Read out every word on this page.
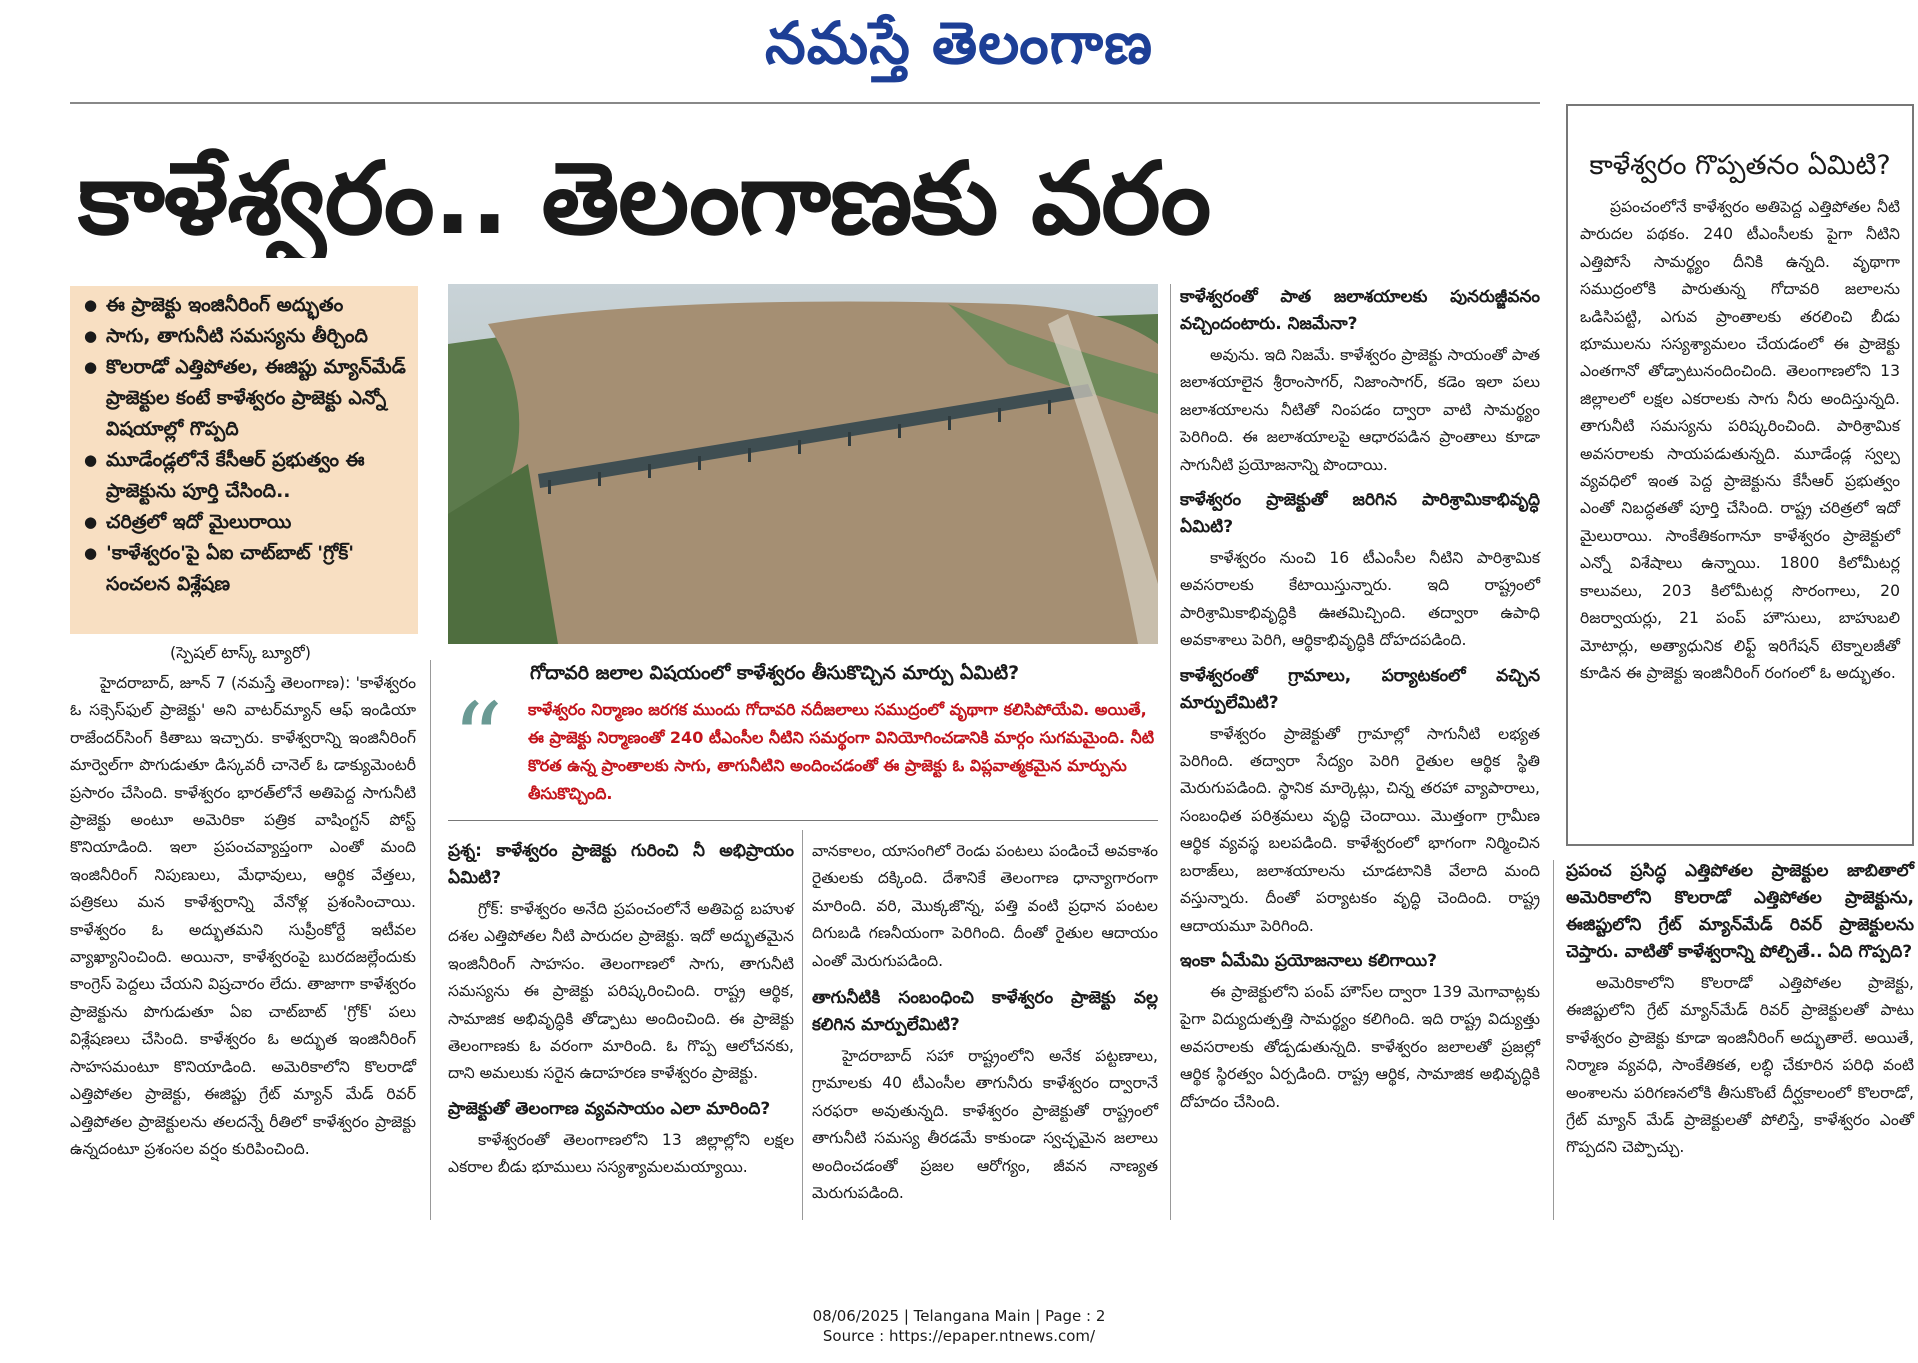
నమస్తే తెలంగాణ
కాళేశ్వరం.. తెలంగాణకు వరం
● ఈ ప్రాజెక్టు ఇంజినీరింగ్ అద్భుతం
● సాగు, తాగునీటి సమస్యను తీర్చింది
● కొలరాడో ఎత్తిపోతల, ఈజిప్టు మ్యాన్‌మేడ్ ప్రాజెక్టుల కంటే కాళేశ్వరం ప్రాజెక్టు ఎన్నో విషయాల్లో గొప్పది
● మూడేండ్లలోనే కేసీఆర్ ప్రభుత్వం ఈ ప్రాజెక్టును పూర్తి చేసింది..
● చరిత్రలో ఇదో మైలురాయి
● 'కాళేశ్వరం'పై ఏఐ చాట్‌బాట్ 'గ్రోక్' సంచలన విశ్లేషణ
(స్పెషల్ టాస్క్ బ్యూరో)

హైదరాబాద్, జూన్ 7 (నమస్తే తెలంగాణ): 'కాళేశ్వరం ఓ సక్సెస్‌ఫుల్ ప్రాజెక్టు' అని వాటర్‌మ్యాన్ ఆఫ్ ఇండియా రాజేందర్‌సింగ్ కితాబు ఇచ్చారు. కాళేశ్వరాన్ని ఇంజినీరింగ్ మార్వెల్‌గా పొగుడుతూ డిస్కవరీ చానెల్ ఓ డాక్యుమెంటరీ ప్రసారం చేసింది. కాళేశ్వరం భారత్‌లోనే అతిపెద్ద సాగునీటి ప్రాజెక్టు అంటూ అమెరికా పత్రిక వాషింగ్టన్ పోస్ట్ కొనియాడింది. ఇలా ప్రపంచవ్యాప్తంగా ఎంతో మంది ఇంజినీరింగ్ నిపుణులు, మేధావులు, ఆర్థిక వేత్తలు, పత్రికలు మన కాళేశ్వరాన్ని వేనోళ్ల ప్రశంసించాయి. కాళేశ్వరం ఓ అద్భుతమని సుప్రీంకోర్టే ఇటీవల వ్యాఖ్యానించింది. అయినా, కాళేశ్వరంపై బురదజల్లేందుకు కాంగ్రెస్ పెద్దలు చేయని విష్రచారం లేదు. తాజాగా కాళేశ్వరం ప్రాజెక్టును పొగుడుతూ ఏఐ చాట్‌బాట్ 'గ్రోక్' పలు విశ్లేషణలు చేసింది. కాళేశ్వరం ఓ అద్భుత ఇంజినీరింగ్ సాహసమంటూ కొనియాడింది. అమెరికాలోని కొలరాడో ఎత్తిపోతల ప్రాజెక్టు, ఈజిప్టు గ్రేట్ మ్యాన్ మేడ్ రివర్ ఎత్తిపోతల ప్రాజెక్టులను తలదన్నే రీతిలో కాళేశ్వరం ప్రాజెక్టు ఉన్నదంటూ ప్రశంసల వర్షం కురిపించింది.

“
గోదావరి జలాల విషయంలో కాళేశ్వరం తీసుకొచ్చిన మార్పు ఏమిటి?
కాళేశ్వరం నిర్మాణం జరగక ముందు గోదావరి నదీజలాలు సముద్రంలో వృథాగా కలిసిపోయేవి. అయితే, ఈ ప్రాజెక్టు నిర్మాణంతో 240 టీఎంసీల నీటిని సమర్థంగా వినియోగించడానికి మార్గం సుగమమైంది. నీటి కొరత ఉన్న ప్రాంతాలకు సాగు, తాగునీటిని అందించడంతో ఈ ప్రాజెక్టు ఓ విప్లవాత్మకమైన మార్పును తీసుకొచ్చింది.
ప్రశ్న: కాళేశ్వరం ప్రాజెక్టు గురించి నీ అభిప్రాయం ఏమిటి?

గ్రోక్: కాళేశ్వరం అనేది ప్రపంచంలోనే అతిపెద్ద బహుళ దశల ఎత్తిపోతల నీటి పారుదల ప్రాజెక్టు. ఇదో అద్భుతమైన ఇంజినీరింగ్ సాహసం. తెలంగాణలో సాగు, తాగునీటి సమస్యను ఈ ప్రాజెక్టు పరిష్కరించింది. రాష్ట్ర ఆర్థిక, సామాజిక అభివృద్ధికి తోడ్పాటు అందించింది. ఈ ప్రాజెక్టు తెలంగాణకు ఓ వరంగా మారింది. ఓ గొప్ప ఆలోచనకు, దాని అమలుకు సరైన ఉదాహరణ కాళేశ్వరం ప్రాజెక్టు.

ప్రాజెక్టుతో తెలంగాణ వ్యవసాయం ఎలా మారింది?

కాళేశ్వరంతో తెలంగాణలోని 13 జిల్లాల్లోని లక్షల ఎకరాల బీడు భూములు సస్యశ్యామలమయ్యాయి.

వానకాలం, యాసంగిలో రెండు పంటలు పండించే అవకాశం రైతులకు దక్కింది. దేశానికే తెలంగాణ ధాన్యాగారంగా మారింది. వరి, మొక్కజొన్న, పత్తి వంటి ప్రధాన పంటల దిగుబడి గణనీయంగా పెరిగింది. దీంతో రైతుల ఆదాయం ఎంతో మెరుగుపడింది.

తాగునీటికి సంబంధించి కాళేశ్వరం ప్రాజెక్టు వల్ల కలిగిన మార్పులేమిటి?

హైదరాబాద్ సహా రాష్ట్రంలోని అనేక పట్టణాలు, గ్రామాలకు 40 టీఎంసీల తాగునీరు కాళేశ్వరం ద్వారానే సరఫరా అవుతున్నది. కాళేశ్వరం ప్రాజెక్టుతో రాష్ట్రంలో తాగునీటి సమస్య తీరడమే కాకుండా స్వచ్ఛమైన జలాలు అందించడంతో ప్రజల ఆరోగ్యం, జీవన నాణ్యత మెరుగుపడింది.

కాళేశ్వరంతో పాత జలాశయాలకు పునరుజ్జీవనం వచ్చిందంటారు. నిజమేనా?

అవును. ఇది నిజమే. కాళేశ్వరం ప్రాజెక్టు సాయంతో పాత జలాశయాలైన శ్రీరాంసాగర్, నిజాంసాగర్, కడెం ఇలా పలు జలాశయాలను నీటితో నింపడం ద్వారా వాటి సామర్థ్యం పెరిగింది. ఈ జలాశయాలపై ఆధారపడిన ప్రాంతాలు కూడా సాగునీటి ప్రయోజనాన్ని పొందాయి.

కాళేశ్వరం ప్రాజెక్టుతో జరిగిన పారిశ్రామికాభివృద్ధి ఏమిటి?

కాళేశ్వరం నుంచి 16 టీఎంసీల నీటిని పారిశ్రామిక అవసరాలకు కేటాయిస్తున్నారు. ఇది రాష్ట్రంలో పారిశ్రామికాభివృద్ధికి ఊతమిచ్చింది. తద్వారా ఉపాధి అవకాశాలు పెరిగి, ఆర్థికాభివృద్ధికి దోహదపడింది.

కాళేశ్వరంతో గ్రామాలు, పర్యాటకంలో వచ్చిన మార్పులేమిటి?

కాళేశ్వరం ప్రాజెక్టుతో గ్రామాల్లో సాగునీటి లభ్యత పెరిగింది. తద్వారా సేద్యం పెరిగి రైతుల ఆర్థిక స్థితి మెరుగుపడింది. స్థానిక మార్కెట్లు, చిన్న తరహా వ్యాపారాలు, సంబంధిత పరిశ్రమలు వృద్ధి చెందాయి. మొత్తంగా గ్రామీణ ఆర్థిక వ్యవస్థ బలపడింది. కాళేశ్వరంలో భాగంగా నిర్మించిన బరాజ్‌లు, జలాశయాలను చూడటానికి వేలాది మంది వస్తున్నారు. దీంతో పర్యాటకం వృద్ధి చెందింది. రాష్ట్ర ఆదాయమూ పెరిగింది.

ఇంకా ఏమేమి ప్రయోజనాలు కలిగాయి?

ఈ ప్రాజెక్టులోని పంప్ హౌస్‌ల ద్వారా 139 మెగావాట్లకు పైగా విద్యుదుత్పత్తి సామర్థ్యం కలిగింది. ఇది రాష్ట్ర విద్యుత్తు అవసరాలకు తోడ్పడుతున్నది. కాళేశ్వరం జలాలతో ప్రజల్లో ఆర్థిక స్థిరత్వం ఏర్పడింది. రాష్ట్ర ఆర్థిక, సామాజిక అభివృద్ధికి దోహదం చేసింది.

కాళేశ్వరం గొప్పతనం ఏమిటి?

ప్రపంచంలోనే కాళేశ్వరం అతిపెద్ద ఎత్తిపోతల నీటి పారుదల పథకం. 240 టీఎంసీలకు పైగా నీటిని ఎత్తిపోసే సామర్థ్యం దీనికి ఉన్నది. వృథాగా సముద్రంలోకి పారుతున్న గోదావరి జలాలను ఒడిసిపట్టి, ఎగువ ప్రాంతాలకు తరలించి బీడు భూములను సస్యశ్యామలం చేయడంలో ఈ ప్రాజెక్టు ఎంతగానో తోడ్పాటునందించింది. తెలంగాణలోని 13 జిల్లాలలో లక్షల ఎకరాలకు సాగు నీరు అందిస్తున్నది. తాగునీటి సమస్యను పరిష్కరించింది. పారిశ్రామిక అవసరాలకు సాయపడుతున్నది. మూడేండ్ల స్వల్ప వ్యవధిలో ఇంత పెద్ద ప్రాజెక్టును కేసీఆర్ ప్రభుత్వం ఎంతో నిబద్ధతతో పూర్తి చేసింది. రాష్ట్ర చరిత్రలో ఇదో మైలురాయి. సాంకేతికంగానూ కాళేశ్వరం ప్రాజెక్టులో ఎన్నో విశేషాలు ఉన్నాయి. 1800 కిలోమీటర్ల కాలువలు, 203 కిలోమీటర్ల సొరంగాలు, 20 రిజర్వాయర్లు, 21 పంప్ హౌసులు, బాహుబలి మోటార్లు, అత్యాధునిక లిఫ్ట్ ఇరిగేషన్ టెక్నాలజీతో కూడిన ఈ ప్రాజెక్టు ఇంజినీరింగ్ రంగంలో ఓ అద్భుతం.

ప్రపంచ ప్రసిద్ధ ఎత్తిపోతల ప్రాజెక్టుల జాబితాలో అమెరికాలోని కొలరాడో ఎత్తిపోతల ప్రాజెక్టును, ఈజిప్టులోని గ్రేట్ మ్యాన్‌మేడ్ రివర్ ప్రాజెక్టులను చెప్తారు. వాటితో కాళేశ్వరాన్ని పోల్చితే.. ఏది గొప్పది?

అమెరికాలోని కొలరాడో ఎత్తిపోతల ప్రాజెక్టు, ఈజిప్టులోని గ్రేట్ మ్యాన్‌మేడ్ రివర్ ప్రాజెక్టులతో పాటు కాళేశ్వరం ప్రాజెక్టు కూడా ఇంజినీరింగ్ అద్భుతాలే. అయితే, నిర్మాణ వ్యవధి, సాంకేతికత, లబ్ధి చేకూరిన పరిధి వంటి అంశాలను పరిగణనలోకి తీసుకొంటే దీర్ఘకాలంలో కొలరాడో, గ్రేట్ మ్యాన్ మేడ్ ప్రాజెక్టులతో పోలిస్తే, కాళేశ్వరం ఎంతో గొప్పదని చెప్పొచ్చు.

08/06/2025 | Telangana Main | Page : 2
Source : https://epaper.ntnews.com/
